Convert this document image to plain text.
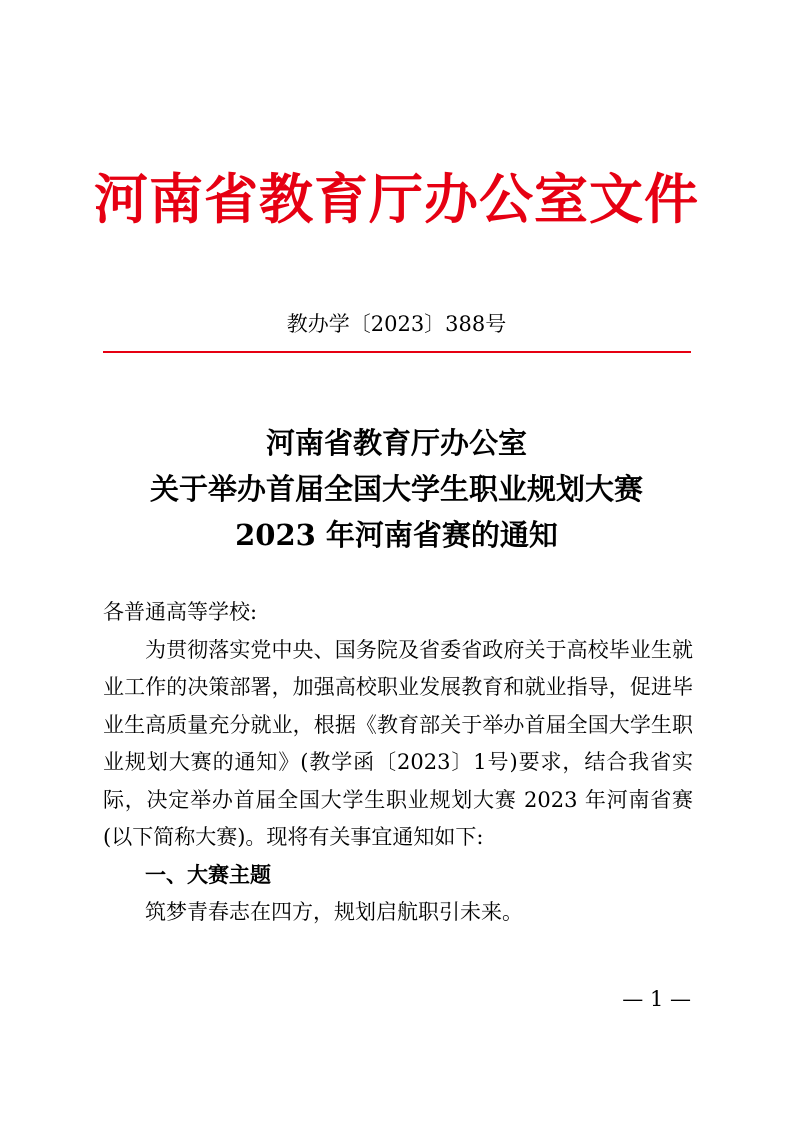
河南省教育厅办公室文件
教办学〔2023〕388号
河南省教育厅办公室
关于举办首届全国大学生职业规划大赛
2023 年河南省赛的通知
各普通高等学校:
为贯彻落实党中央、国务院及省委省政府关于高校毕业生就业工作的决策部署，加强高校职业发展教育和就业指导，促进毕业生高质量充分就业，根据《教育部关于举办首届全国大学生职业规划大赛的通知》(教学函〔2023〕1号)要求，结合我省实际，决定举办首届全国大学生职业规划大赛 2023 年河南省赛(以下简称大赛)。现将有关事宜通知如下:
一、大赛主题
筑梦青春志在四方，规划启航职引未来。
— 1 —
